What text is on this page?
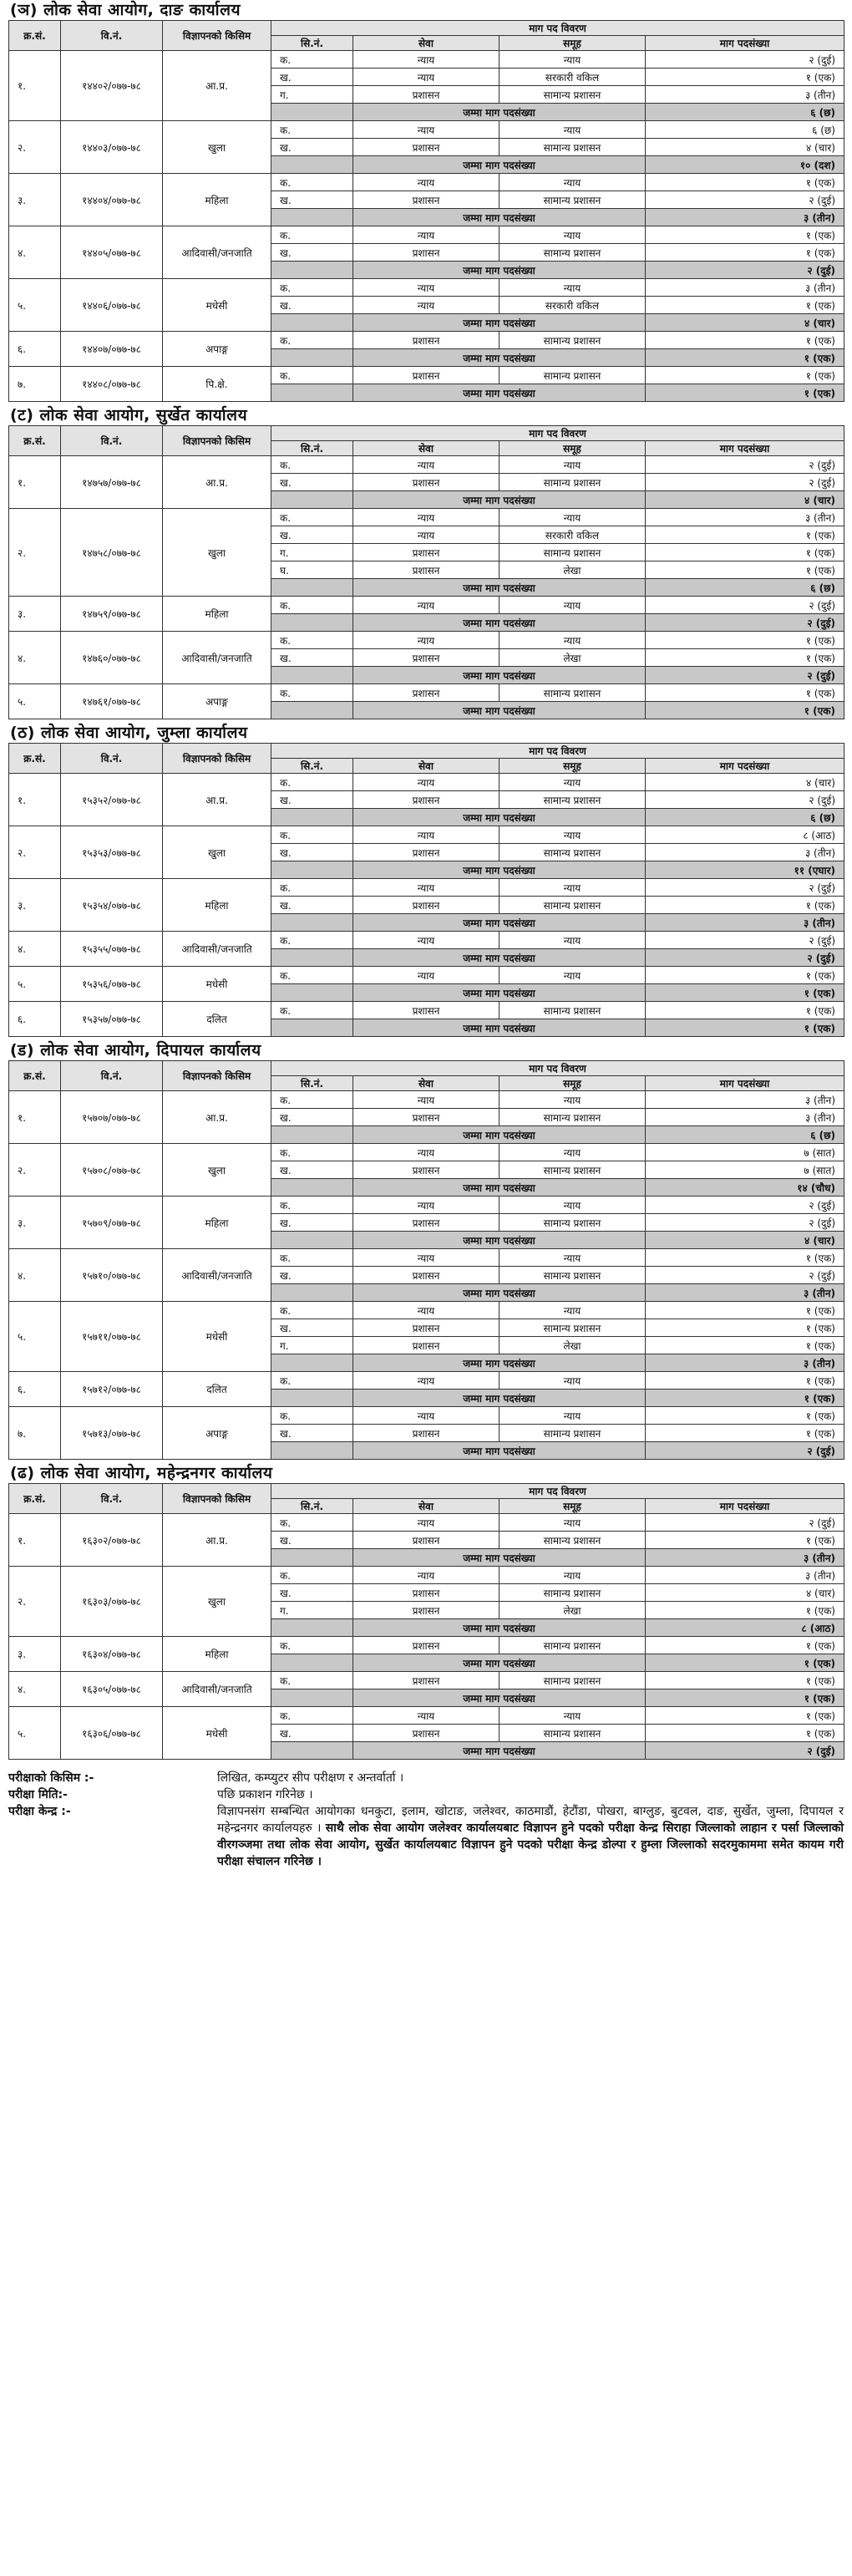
(ञ) लोक सेवा आयोग, दाङ कार्यालय
क्र.सं.	वि.नं.	विज्ञापनको किसिम	माग पद विवरण			
			सि.नं.	सेवा	समूह	माग पदसंख्या
१.	१४४०२/०७७-७८	आ.प्र.	क.	न्याय	न्याय	२ (दुई)
			ख.	न्याय	सरकारी वकिल	१ (एक)
			ग.	प्रशासन	सामान्य प्रशासन	३ (तीन)
				जम्मा माग पदसंख्या		६ (छ)
२.	१४४०३/०७७-७८	खुला	क.	न्याय	न्याय	६ (छ)
			ख.	प्रशासन	सामान्य प्रशासन	४ (चार)
				जम्मा माग पदसंख्या		१० (दश)
३.	१४४०४/०७७-७८	महिला	क.	न्याय	न्याय	१ (एक)
			ख.	प्रशासन	सामान्य प्रशासन	२ (दुई)
				जम्मा माग पदसंख्या		३ (तीन)
४.	१४४०५/०७७-७८	आदिवासी/जनजाति	क.	न्याय	न्याय	१ (एक)
			ख.	प्रशासन	सामान्य प्रशासन	१ (एक)
				जम्मा माग पदसंख्या		२ (दुई)
५.	१४४०६/०७७-७८	मधेसी	क.	न्याय	न्याय	३ (तीन)
			ख.	न्याय	सरकारी वकिल	१ (एक)
				जम्मा माग पदसंख्या		४ (चार)
६.	१४४०७/०७७-७८	अपाङ्ग	क.	प्रशासन	सामान्य प्रशासन	१ (एक)
				जम्मा माग पदसंख्या		१ (एक)
७.	१४४०८/०७७-७८	पि.क्षे.	क.	प्रशासन	सामान्य प्रशासन	१ (एक)
				जम्मा माग पदसंख्या		१ (एक)
(ट) लोक सेवा आयोग, सुर्खेत कार्यालय
क्र.सं.	वि.नं.	विज्ञापनको किसिम	माग पद विवरण			
			सि.नं.	सेवा	समूह	माग पदसंख्या
१.	१४७५७/०७७-७८	आ.प्र.	क.	न्याय	न्याय	२ (दुई)
			ख.	प्रशासन	सामान्य प्रशासन	२ (दुई)
				जम्मा माग पदसंख्या		४ (चार)
२.	१४७५८/०७७-७८	खुला	क.	न्याय	न्याय	३ (तीन)
			ख.	न्याय	सरकारी वकिल	१ (एक)
			ग.	प्रशासन	सामान्य प्रशासन	१ (एक)
			घ.	प्रशासन	लेखा	१ (एक)
				जम्मा माग पदसंख्या		६ (छ)
३.	१४७५९/०७७-७८	महिला	क.	न्याय	न्याय	२ (दुई)
				जम्मा माग पदसंख्या		२ (दुई)
४.	१४७६०/०७७-७८	आदिवासी/जनजाति	क.	न्याय	न्याय	१ (एक)
			ख.	प्रशासन	लेखा	१ (एक)
				जम्मा माग पदसंख्या		२ (दुई)
५.	१४७६१/०७७-७८	अपाङ्ग	क.	प्रशासन	सामान्य प्रशासन	१ (एक)
				जम्मा माग पदसंख्या		१ (एक)
(ठ) लोक सेवा आयोग, जुम्ला कार्यालय
क्र.सं.	वि.नं.	विज्ञापनको किसिम	माग पद विवरण			
			सि.नं.	सेवा	समूह	माग पदसंख्या
१.	१५३५२/०७७-७८	आ.प्र.	क.	न्याय	न्याय	४ (चार)
			ख.	प्रशासन	सामान्य प्रशासन	२ (दुई)
				जम्मा माग पदसंख्या		६ (छ)
२.	१५३५३/०७७-७८	खुला	क.	न्याय	न्याय	८ (आठ)
			ख.	प्रशासन	सामान्य प्रशासन	३ (तीन)
				जम्मा माग पदसंख्या		११ (एघार)
३.	१५३५४/०७७-७८	महिला	क.	न्याय	न्याय	२ (दुई)
			ख.	प्रशासन	सामान्य प्रशासन	१ (एक)
				जम्मा माग पदसंख्या		३ (तीन)
४.	१५३५५/०७७-७८	आदिवासी/जनजाति	क.	न्याय	न्याय	२ (दुई)
				जम्मा माग पदसंख्या		२ (दुई)
५.	१५३५६/०७७-७८	मधेसी	क.	न्याय	न्याय	१ (एक)
				जम्मा माग पदसंख्या		१ (एक)
६.	१५३५७/०७७-७८	दलित	क.	प्रशासन	सामान्य प्रशासन	१ (एक)
				जम्मा माग पदसंख्या		१ (एक)
(ड) लोक सेवा आयोग, दिपायल कार्यालय
क्र.सं.	वि.नं.	विज्ञापनको किसिम	माग पद विवरण			
			सि.नं.	सेवा	समूह	माग पदसंख्या
१.	१५७०७/०७७-७८	आ.प्र.	क.	न्याय	न्याय	३ (तीन)
			ख.	प्रशासन	सामान्य प्रशासन	३ (तीन)
				जम्मा माग पदसंख्या		६ (छ)
२.	१५७०८/०७७-७८	खुला	क.	न्याय	न्याय	७ (सात)
			ख.	प्रशासन	सामान्य प्रशासन	७ (सात)
				जम्मा माग पदसंख्या		१४ (चौध)
३.	१५७०९/०७७-७८	महिला	क.	न्याय	न्याय	२ (दुई)
			ख.	प्रशासन	सामान्य प्रशासन	२ (दुई)
				जम्मा माग पदसंख्या		४ (चार)
४.	१५७१०/०७७-७८	आदिवासी/जनजाति	क.	न्याय	न्याय	१ (एक)
			ख.	प्रशासन	सामान्य प्रशासन	२ (दुई)
				जम्मा माग पदसंख्या		३ (तीन)
५.	१५७११/०७७-७८	मधेसी	क.	न्याय	न्याय	१ (एक)
			ख.	प्रशासन	सामान्य प्रशासन	१ (एक)
			ग.	प्रशासन	लेखा	१ (एक)
				जम्मा माग पदसंख्या		३ (तीन)
६.	१५७१२/०७७-७८	दलित	क.	न्याय	न्याय	१ (एक)
				जम्मा माग पदसंख्या		१ (एक)
७.	१५७१३/०७७-७८	अपाङ्ग	क.	न्याय	न्याय	१ (एक)
			ख.	प्रशासन	सामान्य प्रशासन	१ (एक)
				जम्मा माग पदसंख्या		२ (दुई)
(ढ) लोक सेवा आयोग, महेन्द्रनगर कार्यालय
क्र.सं.	वि.नं.	विज्ञापनको किसिम	माग पद विवरण			
			सि.नं.	सेवा	समूह	माग पदसंख्या
१.	१६३०२/०७७-७८	आ.प्र.	क.	न्याय	न्याय	२ (दुई)
			ख.	प्रशासन	सामान्य प्रशासन	१ (एक)
				जम्मा माग पदसंख्या		३ (तीन)
२.	१६३०३/०७७-७८	खुला	क.	न्याय	न्याय	३ (तीन)
			ख.	प्रशासन	सामान्य प्रशासन	४ (चार)
			ग.	प्रशासन	लेखा	१ (एक)
				जम्मा माग पदसंख्या		८ (आठ)
३.	१६३०४/०७७-७८	महिला	क.	प्रशासन	सामान्य प्रशासन	१ (एक)
				जम्मा माग पदसंख्या		१ (एक)
४.	१६३०५/०७७-७८	आदिवासी/जनजाति	क.	प्रशासन	सामान्य प्रशासन	१ (एक)
				जम्मा माग पदसंख्या		१ (एक)
५.	१६३०६/०७७-७८	मधेसी	क.	न्याय	न्याय	१ (एक)
			ख.	प्रशासन	सामान्य प्रशासन	१ (एक)
				जम्मा माग पदसंख्या		२ (दुई)
परीक्षाको किसिम :-	लिखित, कम्प्युटर सीप परीक्षण र अन्तर्वार्ता ।
परीक्षा मिति:-	पछि प्रकाशन गरिनेछ ।
परीक्षा केन्द्र :-	विज्ञापनसंग सम्बन्धित आयोगका धनकुटा, इलाम, खोटाङ, जलेश्वर, काठमाडौं, हेटौंडा, पोखरा, बाग्लुङ, बुटवल, दाङ, सुर्खेत, जुम्ला, दिपायल र महेन्द्रनगर कार्यालयहरु । साथै लोक सेवा आयोग जलेश्वर कार्यालयबाट विज्ञापन हुने पदको परीक्षा केन्द्र सिराहा जिल्लाको लाहान र पर्सा जिल्लाको वीरगञ्जमा तथा लोक सेवा आयोग, सुर्खेत कार्यालयबाट विज्ञापन हुने पदको परीक्षा केन्द्र डोल्पा र हुम्ला जिल्लाको सदरमुकाममा समेत कायम गरी परीक्षा संचालन गरिनेछ ।
